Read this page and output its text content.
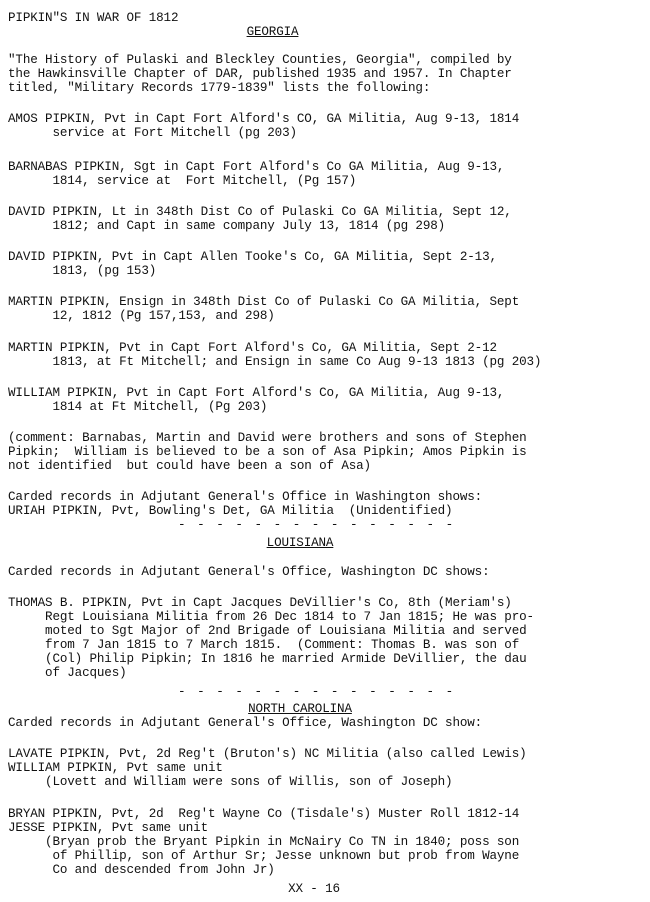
PIPKIN"S IN WAR OF 1812
GEORGIA
"The History of Pulaski and Bleckley Counties, Georgia", compiled by
the Hawkinsville Chapter of DAR, published 1935 and 1957. In Chapter
titled, "Military Records 1779-1839" lists the following:
AMOS PIPKIN, Pvt in Capt Fort Alford's CO, GA Militia, Aug 9-13, 1814
service at Fort Mitchell (pg 203)
BARNABAS PIPKIN, Sgt in Capt Fort Alford's Co GA Militia, Aug 9-13,
1814, service at  Fort Mitchell, (Pg 157)
DAVID PIPKIN, Lt in 348th Dist Co of Pulaski Co GA Militia, Sept 12,
1812; and Capt in same company July 13, 1814 (pg 298)
DAVID PIPKIN, Pvt in Capt Allen Tooke's Co, GA Militia, Sept 2-13,
1813, (pg 153)
MARTIN PIPKIN, Ensign in 348th Dist Co of Pulaski Co GA Militia, Sept
12, 1812 (Pg 157,153, and 298)
MARTIN PIPKIN, Pvt in Capt Fort Alford's Co, GA Militia, Sept 2-12
1813, at Ft Mitchell; and Ensign in same Co Aug 9-13 1813 (pg 203)
WILLIAM PIPKIN, Pvt in Capt Fort Alford's Co, GA Militia, Aug 9-13,
1814 at Ft Mitchell, (Pg 203)
(comment: Barnabas, Martin and David were brothers and sons of Stephen
Pipkin;  William is believed to be a son of Asa Pipkin; Amos Pipkin is
not identified  but could have been a son of Asa)
Carded records in Adjutant General's Office in Washington shows:
URIAH PIPKIN, Pvt, Bowling's Det, GA Militia  (Unidentified)
- - - - - - - - - - - - - - -
LOUISIANA
Carded records in Adjutant General's Office, Washington DC shows:
THOMAS B. PIPKIN, Pvt in Capt Jacques DeVillier's Co, 8th (Meriam's)
Regt Louisiana Militia from 26 Dec 1814 to 7 Jan 1815; He was pro-
moted to Sgt Major of 2nd Brigade of Louisiana Militia and served
from 7 Jan 1815 to 7 March 1815.  (Comment: Thomas B. was son of
(Col) Philip Pipkin; In 1816 he married Armide DeVillier, the dau
of Jacques)
- - - - - - - - - - - - - - -
NORTH CAROLINA
Carded records in Adjutant General's Office, Washington DC show:
LAVATE PIPKIN, Pvt, 2d Reg't (Bruton's) NC Militia (also called Lewis)
WILLIAM PIPKIN, Pvt same unit
(Lovett and William were sons of Willis, son of Joseph)
BRYAN PIPKIN, Pvt, 2d  Reg't Wayne Co (Tisdale's) Muster Roll 1812-14
JESSE PIPKIN, Pvt same unit
(Bryan prob the Bryant Pipkin in McNairy Co TN in 1840; poss son
of Phillip, son of Arthur Sr; Jesse unknown but prob from Wayne
Co and descended from John Jr)
XX - 16
